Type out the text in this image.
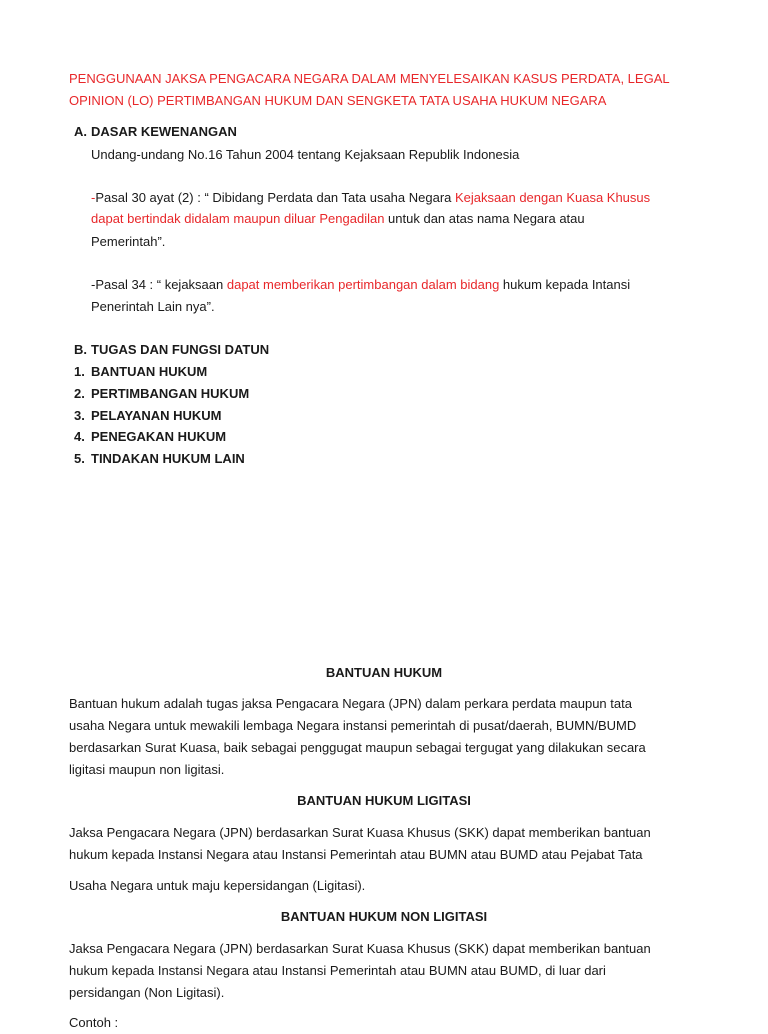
PENGGUNAAN JAKSA PENGACARA NEGARA DALAM MENYELESAIKAN KASUS PERDATA, LEGAL
OPINION (LO) PERTIMBANGAN HUKUM DAN SENGKETA TATA USAHA HUKUM NEGARA
A. DASAR KEWENANGAN
Undang-undang No.16 Tahun 2004 tentang Kejaksaan Republik Indonesia
-Pasal 30 ayat (2) : “ Dibidang Perdata dan Tata usaha Negara Kejaksaan dengan Kuasa Khusus
dapat bertindak didalam maupun diluar Pengadilan untuk dan atas nama Negara atau
Pemerintah”.
-Pasal 34 : “ kejaksaan dapat memberikan pertimbangan dalam bidang hukum kepada Intansi
Penerintah Lain nya”.
B. TUGAS DAN FUNGSI DATUN
1. BANTUAN HUKUM
2. PERTIMBANGAN HUKUM
3. PELAYANAN HUKUM
4. PENEGAKAN HUKUM
5. TINDAKAN HUKUM LAIN
BANTUAN HUKUM
Bantuan hukum adalah tugas jaksa Pengacara Negara (JPN) dalam perkara perdata maupun tata
usaha Negara untuk mewakili lembaga Negara instansi pemerintah di pusat/daerah, BUMN/BUMD
berdasarkan Surat Kuasa, baik sebagai penggugat maupun sebagai tergugat yang dilakukan secara
ligitasi maupun non ligitasi.
BANTUAN HUKUM LIGITASI
Jaksa Pengacara Negara (JPN) berdasarkan Surat Kuasa Khusus (SKK) dapat memberikan bantuan
hukum kepada Instansi Negara atau Instansi Pemerintah atau BUMN atau BUMD atau Pejabat Tata
Usaha Negara untuk maju kepersidangan (Ligitasi).
BANTUAN HUKUM NON LIGITASI
Jaksa Pengacara Negara (JPN) berdasarkan Surat Kuasa Khusus (SKK) dapat memberikan bantuan
hukum kepada Instansi Negara atau Instansi Pemerintah atau BUMN atau BUMD, di luar dari
persidangan (Non Ligitasi).
Contoh :
